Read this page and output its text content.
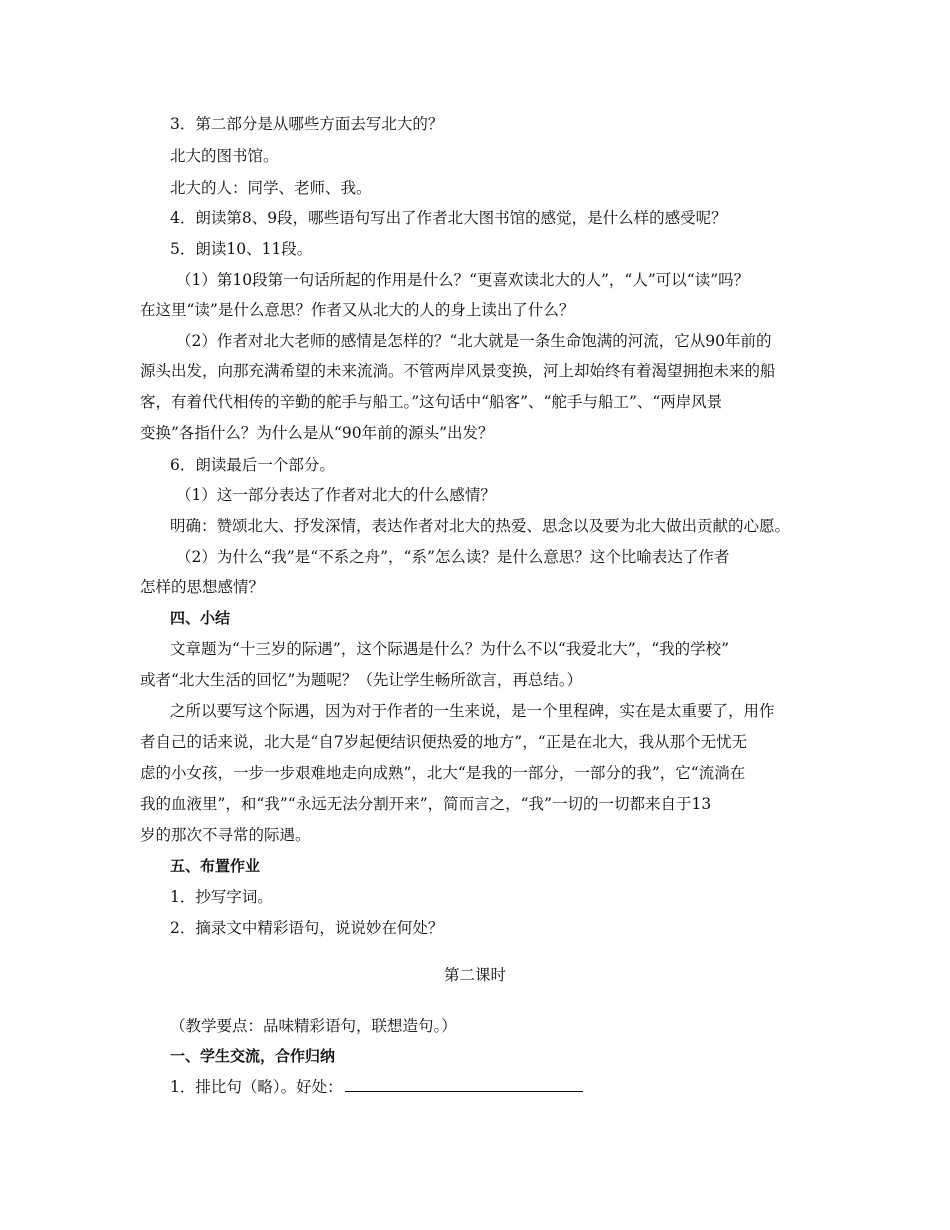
3．第二部分是从哪些方面去写北大的？
北大的图书馆。
北大的人：同学、老师、我。
4．朗读第8、9段，哪些语句写出了作者北大图书馆的感觉，是什么样的感受呢？
5．朗读10、11段。
（1）第10段第一句话所起的作用是什么？“更喜欢读北大的人”，“人”可以“读”吗？
在这里“读”是什么意思？作者又从北大的人的身上读出了什么？
（2）作者对北大老师的感情是怎样的？“北大就是一条生命饱满的河流，它从90年前的
源头出发，向那充满希望的未来流淌。不管两岸风景变换，河上却始终有着渴望拥抱未来的船
客，有着代代相传的辛勤的舵手与船工。”这句话中“船客”、“舵手与船工”、“两岸风景
变换”各指什么？为什么是从“90年前的源头”出发？
6．朗读最后一个部分。
（1）这一部分表达了作者对北大的什么感情？
明确：赞颂北大、抒发深情，表达作者对北大的热爱、思念以及要为北大做出贡献的心愿。
（2）为什么“我”是“不系之舟”，“系”怎么读？是什么意思？这个比喻表达了作者
怎样的思想感情？
四、小结
文章题为“十三岁的际遇”，这个际遇是什么？为什么不以“我爱北大”，“我的学校”
或者“北大生活的回忆”为题呢？（先让学生畅所欲言，再总结。）
之所以要写这个际遇，因为对于作者的一生来说，是一个里程碑，实在是太重要了，用作
者自己的话来说，北大是“自7岁起便结识便热爱的地方”，“正是在北大，我从那个无忧无
虑的小女孩，一步一步艰难地走向成熟”，北大“是我的一部分，一部分的我”，它“流淌在
我的血液里”，和“我”“永远无法分割开来”，简而言之，“我”一切的一切都来自于13
岁的那次不寻常的际遇。
五、布置作业
1．抄写字词。
2．摘录文中精彩语句，说说妙在何处？
第二课时
（教学要点：品味精彩语句，联想造句。）
一、学生交流，合作归纳
1．排比句（略）。好处：
